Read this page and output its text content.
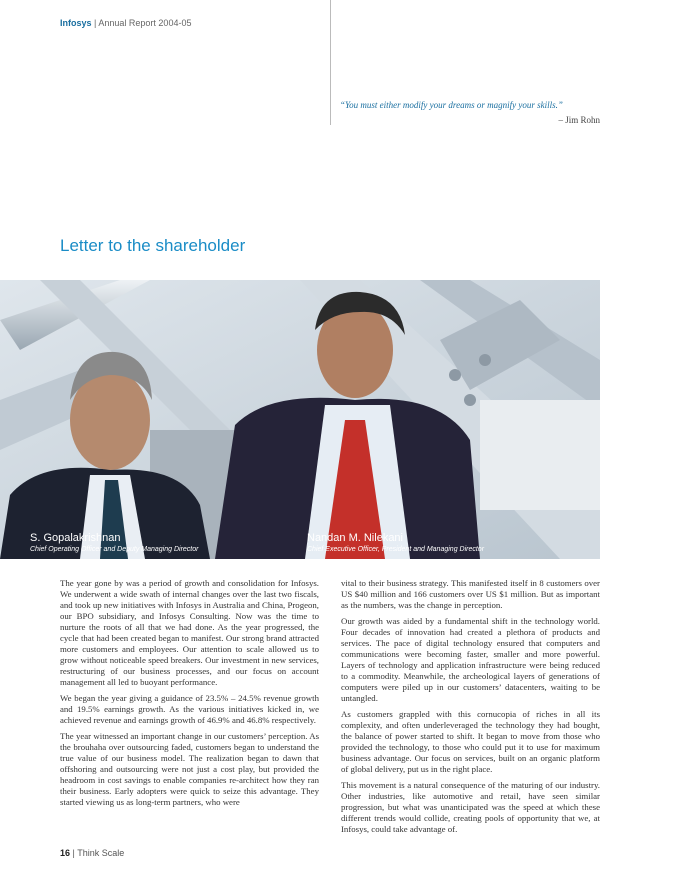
Infosys | Annual Report 2004-05
“You must either modify your dreams or magnify your skills.”
– Jim Rohn
Letter to the shareholder
S. Gopalakrishnan
Chief Operating Officer and Deputy Managing Director
Nandan M. Nilekani
Chief Executive Officer, President and Managing Director

The year gone by was a period of growth and consolidation for Infosys. We underwent a wide swath of internal changes over the last two fiscals, and took up new initiatives with Infosys in Australia and China, Progeon, our BPO subsidiary, and Infosys Consulting. Now was the time to nurture the roots of all that we had done. As the year progressed, the cycle that had been created began to manifest. Our strong brand attracted more customers and employees. Our attention to scale allowed us to grow without noticeable speed breakers. Our investment in new services, restructuring of our business processes, and our focus on account management all led to buoyant performance.

We began the year giving a guidance of 23.5% – 24.5% revenue growth and 19.5% earnings growth. As the various initiatives kicked in, we achieved revenue and earnings growth of 46.9% and 46.8% respectively.

The year witnessed an important change in our customers’ perception. As the brouhaha over outsourcing faded, customers began to understand the true value of our business model. The realization began to dawn that offshoring and outsourcing were not just a cost play, but provided the headroom in cost savings to enable companies re-architect how they ran their business. Early adopters were quick to seize this advantage. They started viewing us as long-term partners, who were

vital to their business strategy. This manifested itself in 8 customers over US $40 million and 166 customers over US $1 million. But as important as the numbers, was the change in perception.

Our growth was aided by a fundamental shift in the technology world. Four decades of innovation had created a plethora of products and services. The pace of digital technology ensured that computers and communications were becoming faster, smaller and more powerful. Layers of technology and application infrastructure were being reduced to a commodity. Meanwhile, the archeological layers of generations of computers were piled up in our customers’ datacenters, waiting to be untangled.

As customers grappled with this cornucopia of riches in all its complexity, and often underleveraged the technology they had bought, the balance of power started to shift. It began to move from those who provided the technology, to those who could put it to use for maximum business advantage. Our focus on services, built on an organic platform of global delivery, put us in the right place.

This movement is a natural consequence of the maturing of our industry. Other industries, like automotive and retail, have seen similar progression, but what was unanticipated was the speed at which these different trends would collide, creating pools of opportunity that we, at Infosys, could take advantage of.

16 | Think Scale
